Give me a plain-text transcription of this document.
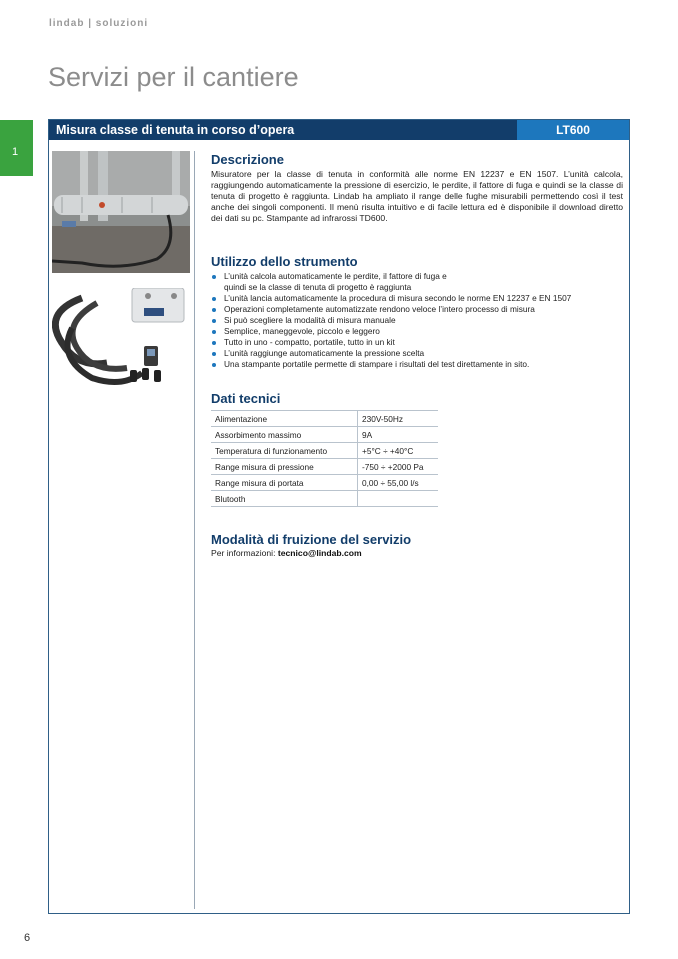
lindab | soluzioni
Servizi per il cantiere
1
Misura classe di tenuta in corso d’opera	LT600
Descrizione

Misuratore per la classe di tenuta in conformità alle norme EN 12237 e EN 1507. L’unità calcola, raggiungendo automaticamente la pressione di esercizio, le perdite, il fattore di fuga e quindi se la classe di tenuta di progetto è raggiunta. Lindab ha ampliato il range delle fughe misurabili permettendo così il test anche dei singoli componenti. Il menù risulta intuitivo e di facile lettura ed è disponibile il download diretto dei dati su pc. Stampante ad infrarossi TD600.

Utilizzo dello strumento
L’unità calcola automaticamente le perdite, il fattore di fuga e
quindi se la classe di tenuta di progetto è raggiunta
L’unità lancia automaticamente la procedura di misura secondo le norme EN 12237 e EN 1507
Operazioni completamente automatizzate rendono veloce l’intero processo di misura
Si può scegliere la modalità di misura manuale
Semplice, maneggevole, piccolo e leggero
Tutto in uno - compatto, portatile, tutto in un kit
L’unità raggiunge automaticamente la pressione scelta
Una stampante portatile permette di stampare i risultati del test direttamente in sito.
Dati tecnici
Alimentazione	230V-50Hz
Assorbimento massimo	9A
Temperatura di funzionamento	+5°C ÷ +40°C
Range misura di pressione	-750 ÷ +2000 Pa
Range misura di portata	0,00 ÷ 55,00 l/s
Blutooth	
Modalità di fruizione del servizio
Per informazioni: tecnico@lindab.com
6
